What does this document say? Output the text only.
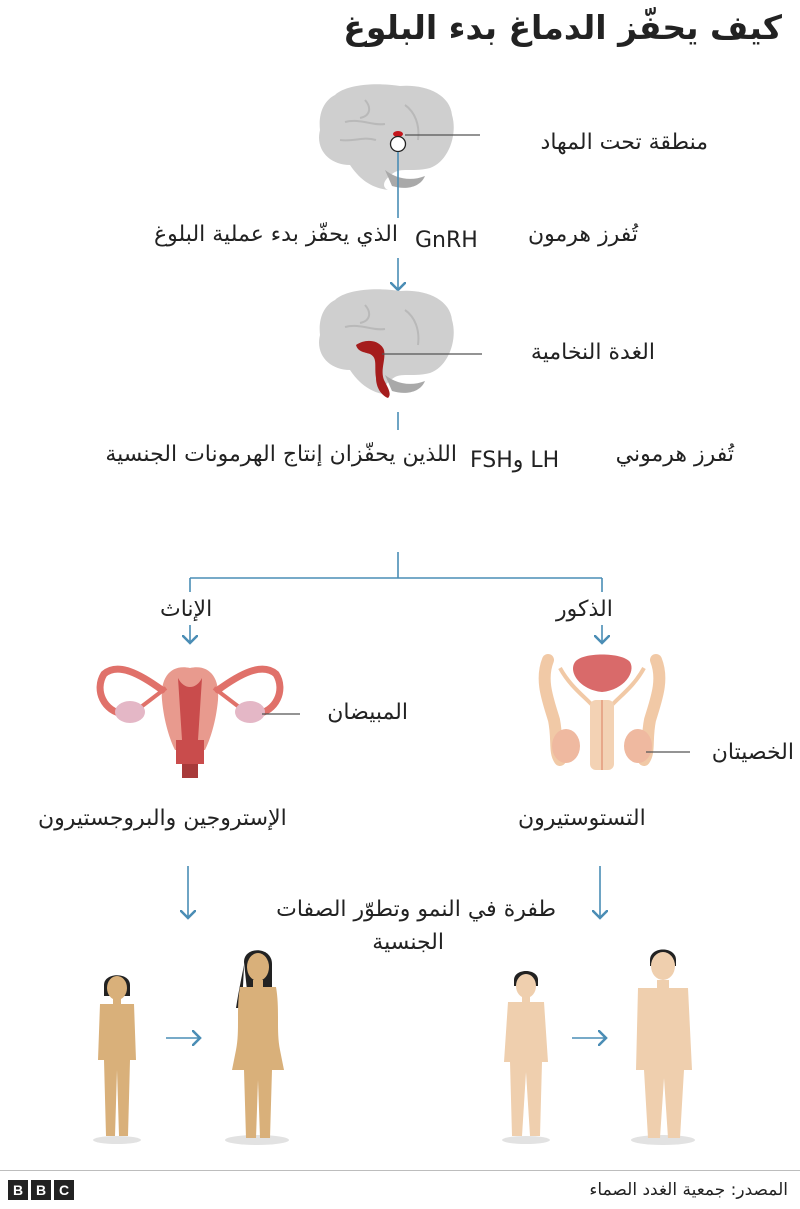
كيف يحفّز الدماغ بدء البلوغ
منطقة تحت المهاد
تُفرز هرمون
GnRH
الذي يحفّز بدء عملية البلوغ
الغدة النخامية
تُفرز هرموني
FSHو LH
اللذين يحفّزان إنتاج الهرمونات الجنسية
الإناث
المبيضان
الإستروجين والبروجستيرون
الذكور
الخصيتان
التستوستيرون
طفرة في النمو وتطوّر الصفات
الجنسية
B B C	المصدر: جمعية الغدد الصماء
